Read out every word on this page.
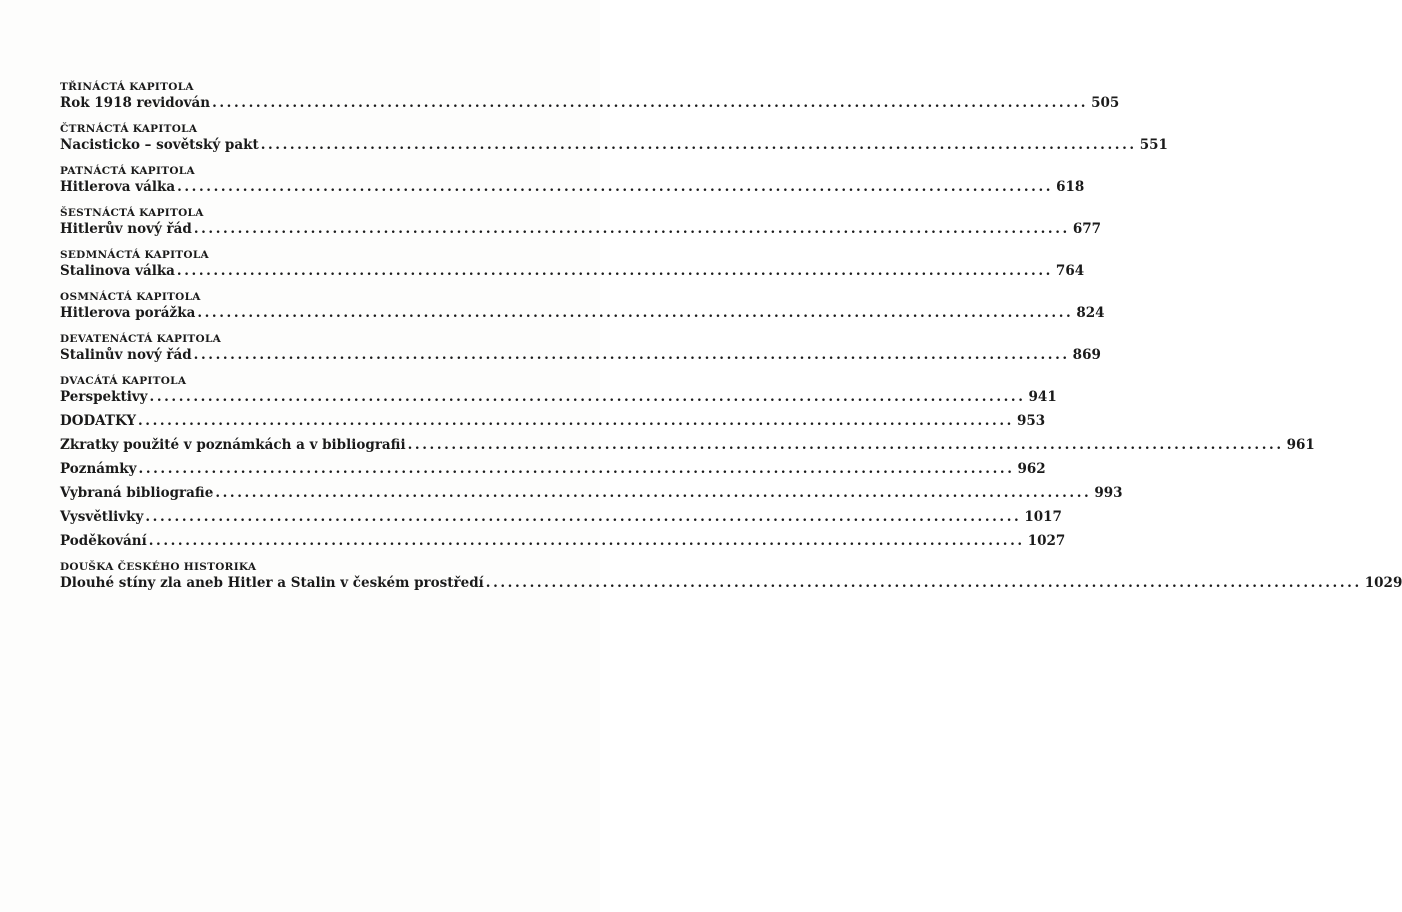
TŘINÁCTÁ KAPITOLA
Rok 1918 revidován ........................................................................................................................ 505
ČTRNÁCTÁ KAPITOLA
Nacisticko – sovětský pakt ........................................................................................................................ 551
PATNÁCTÁ KAPITOLA
Hitlerova válka ........................................................................................................................ 618
ŠESTNÁCTÁ KAPITOLA
Hitlerův nový řád ........................................................................................................................ 677
SEDMNÁCTÁ KAPITOLA
Stalinova válka ........................................................................................................................ 764
OSMNÁCTÁ KAPITOLA
Hitlerova porážka ........................................................................................................................ 824
DEVATENÁCTÁ KAPITOLA
Stalinův nový řád ........................................................................................................................ 869
DVACÁTÁ KAPITOLA
Perspektivy ........................................................................................................................ 941
DODATKY ........................................................................................................................ 953
Zkratky použité v poznámkách a v bibliografii ........................................................................................................................ 961
Poznámky ........................................................................................................................ 962
Vybraná bibliografie ........................................................................................................................ 993
Vysvětlivky ........................................................................................................................ 1017
Poděkování ........................................................................................................................ 1027
DOUŠKA ČESKÉHO HISTORIKA
Dlouhé stíny zla aneb Hitler a Stalin v českém prostředí ........................................................................................................................ 1029
